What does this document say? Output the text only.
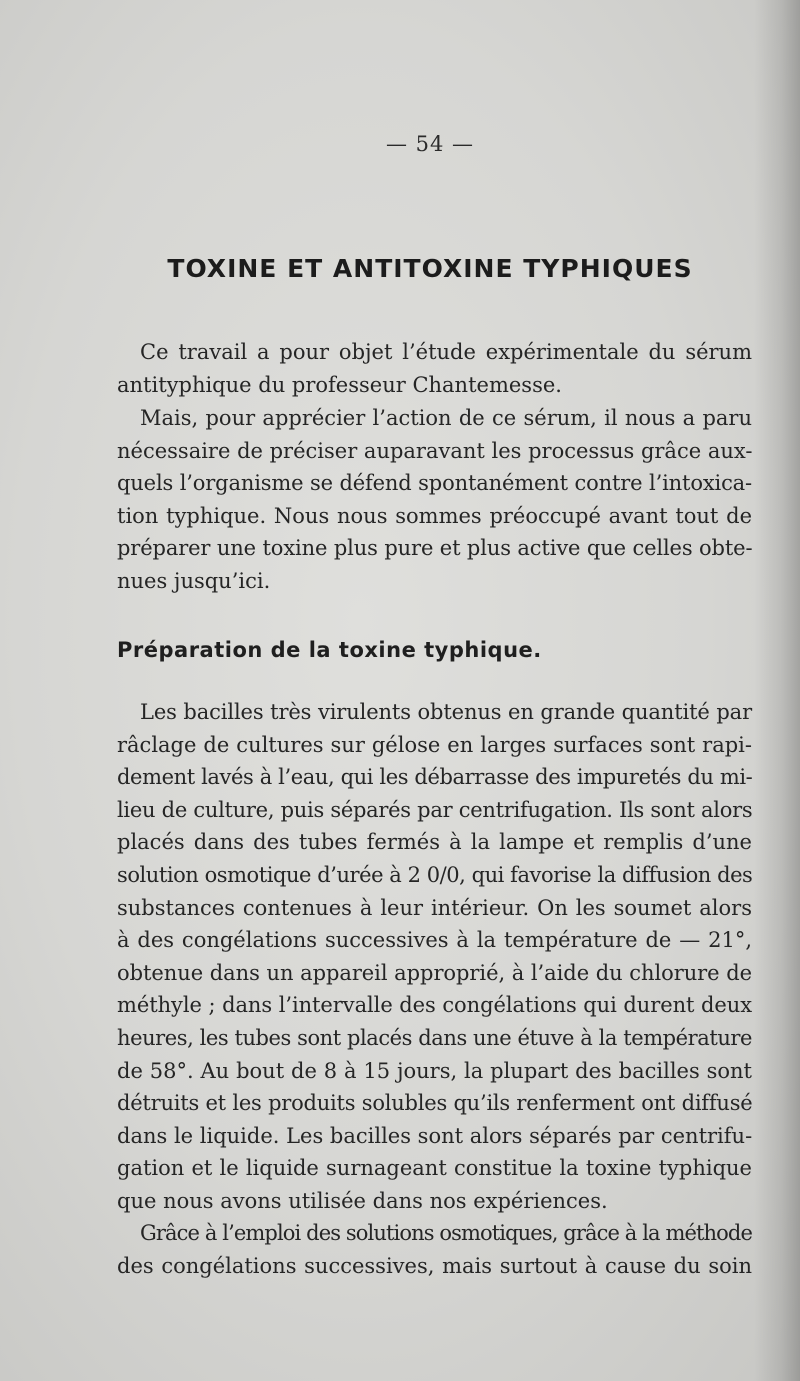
— 54 —
TOXINE ET ANTITOXINE TYPHIQUES
Ce travail a pour objet l’étude expérimentale du sérum
antityphique du professeur Chantemesse.
Mais, pour apprécier l’action de ce sérum, il nous a paru
nécessaire de préciser auparavant les processus grâce aux-
quels l’organisme se défend spontanément contre l’intoxica-
tion typhique. Nous nous sommes préoccupé avant tout de
préparer une toxine plus pure et plus active que celles obte-
nues jusqu’ici.
Préparation de la toxine typhique.
Les bacilles très virulents obtenus en grande quantité par
râclage de cultures sur gélose en larges surfaces sont rapi-
dement lavés à l’eau, qui les débarrasse des impuretés du mi-
lieu de culture, puis séparés par centrifugation. Ils sont alors
placés dans des tubes fermés à la lampe et remplis d’une
solution osmotique d’urée à 2 0/0, qui favorise la diffusion des
substances contenues à leur intérieur. On les soumet alors
à des congélations successives à la température de — 21°,
obtenue dans un appareil approprié, à l’aide du chlorure de
méthyle ; dans l’intervalle des congélations qui durent deux
heures, les tubes sont placés dans une étuve à la température
de 58°. Au bout de 8 à 15 jours, la plupart des bacilles sont
détruits et les produits solubles qu’ils renferment ont diffusé
dans le liquide. Les bacilles sont alors séparés par centrifu-
gation et le liquide surnageant constitue la toxine typhique
que nous avons utilisée dans nos expériences.
Grâce à l’emploi des solutions osmotiques, grâce à la méthode
des congélations successives, mais surtout à cause du soin
